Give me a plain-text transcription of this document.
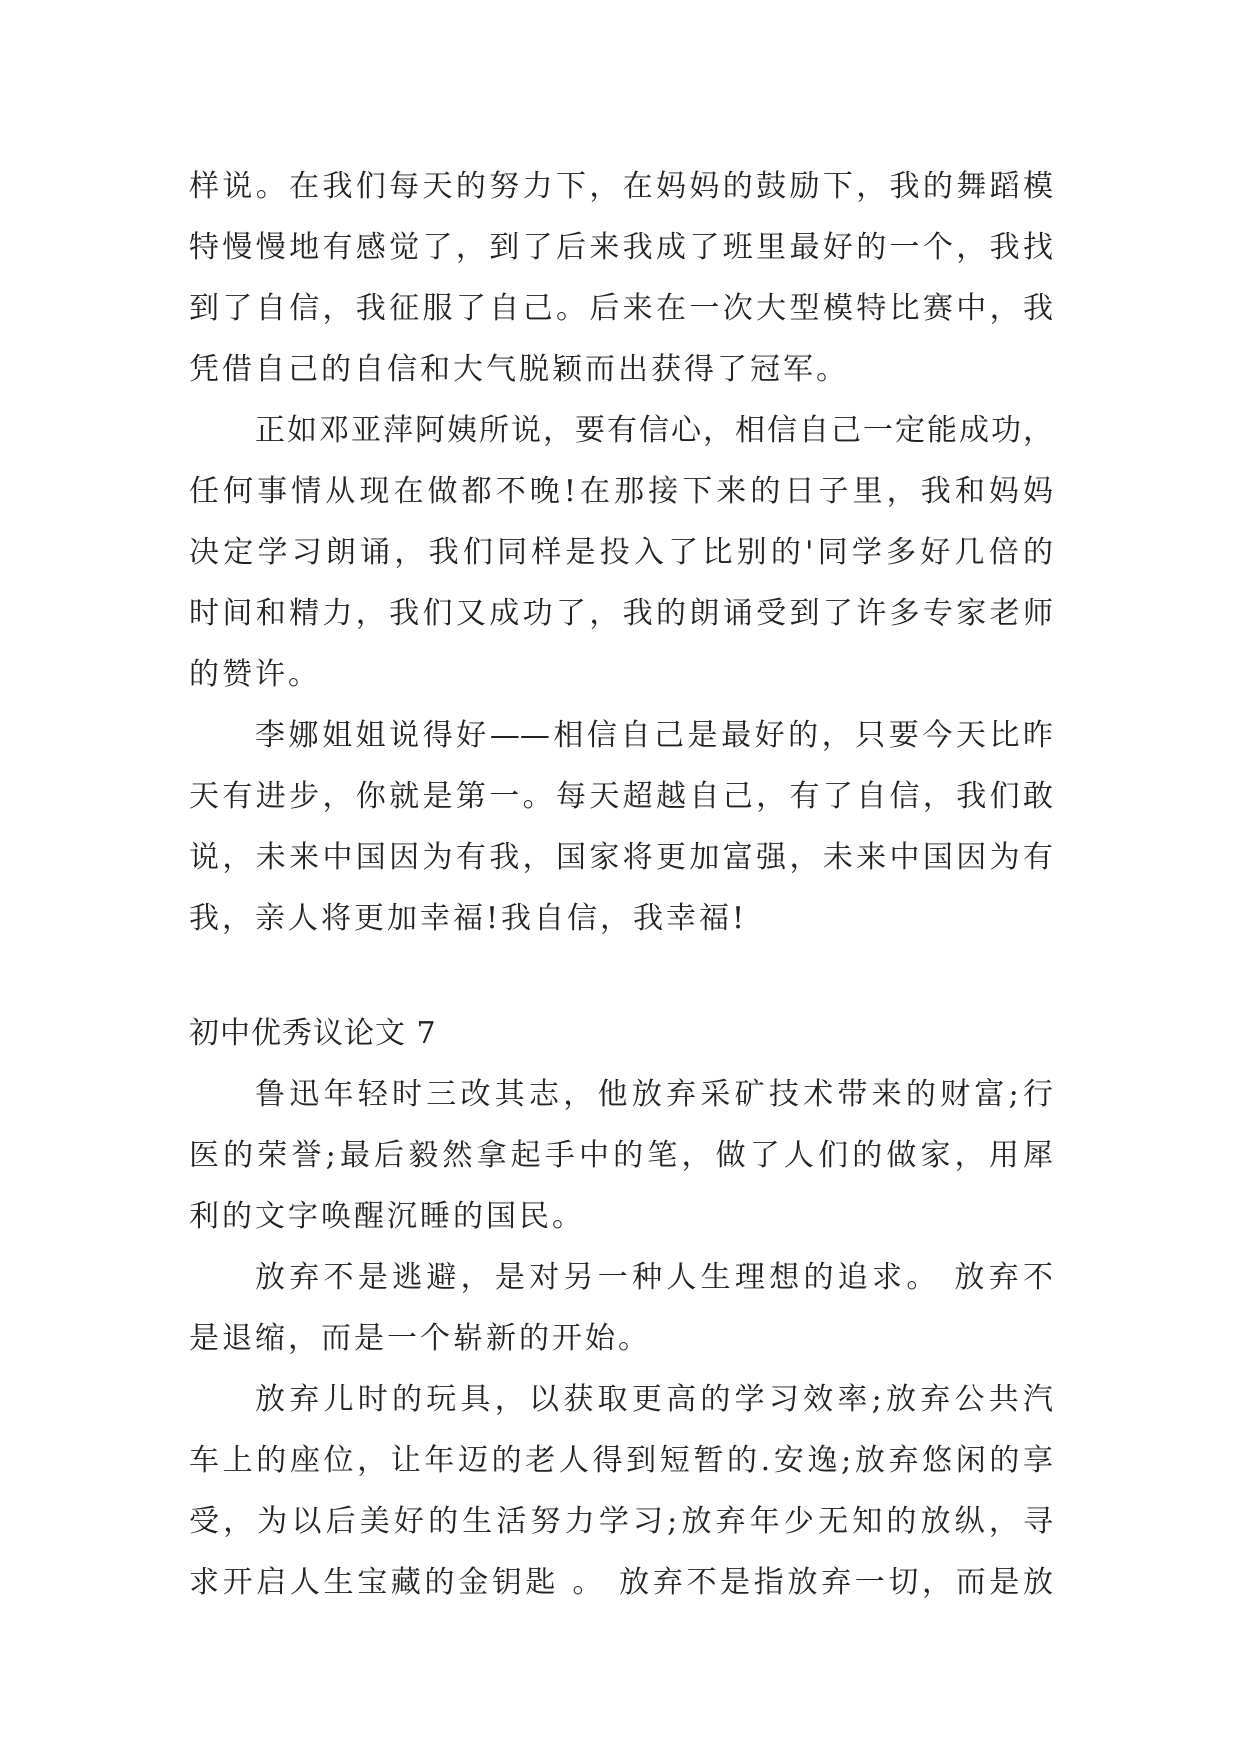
样说。在我们每天的努力下，在妈妈的鼓励下，我的舞蹈模
特慢慢地有感觉了，到了后来我成了班里最好的一个，我找
到了自信，我征服了自己。后来在一次大型模特比赛中，我
凭借自己的自信和大气脱颖而出获得了冠军。
正如邓亚萍阿姨所说，要有信心，相信自己一定能成功，
任何事情从现在做都不晚!在那接下来的日子里，我和妈妈
决定学习朗诵，我们同样是投入了比别的'同学多好几倍的
时间和精力，我们又成功了，我的朗诵受到了许多专家老师
的赞许。
李娜姐姐说得好——相信自己是最好的，只要今天比昨
天有进步，你就是第一。每天超越自己，有了自信，我们敢
说，未来中国因为有我，国家将更加富强，未来中国因为有
我，亲人将更加幸福!我自信，我幸福!
初中优秀议论文 7
鲁迅年轻时三改其志，他放弃采矿技术带来的财富;行
医的荣誉;最后毅然拿起手中的笔，做了人们的做家，用犀
利的文字唤醒沉睡的国民。
放弃不是逃避，是对另一种人生理想的追求。 放弃不
是退缩，而是一个崭新的开始。
放弃儿时的玩具，以获取更高的学习效率;放弃公共汽
车上的座位，让年迈的老人得到短暂的.安逸;放弃悠闲的享
受，为以后美好的生活努力学习;放弃年少无知的放纵，寻
求开启人生宝藏的金钥匙 。 放弃不是指放弃一切，而是放
